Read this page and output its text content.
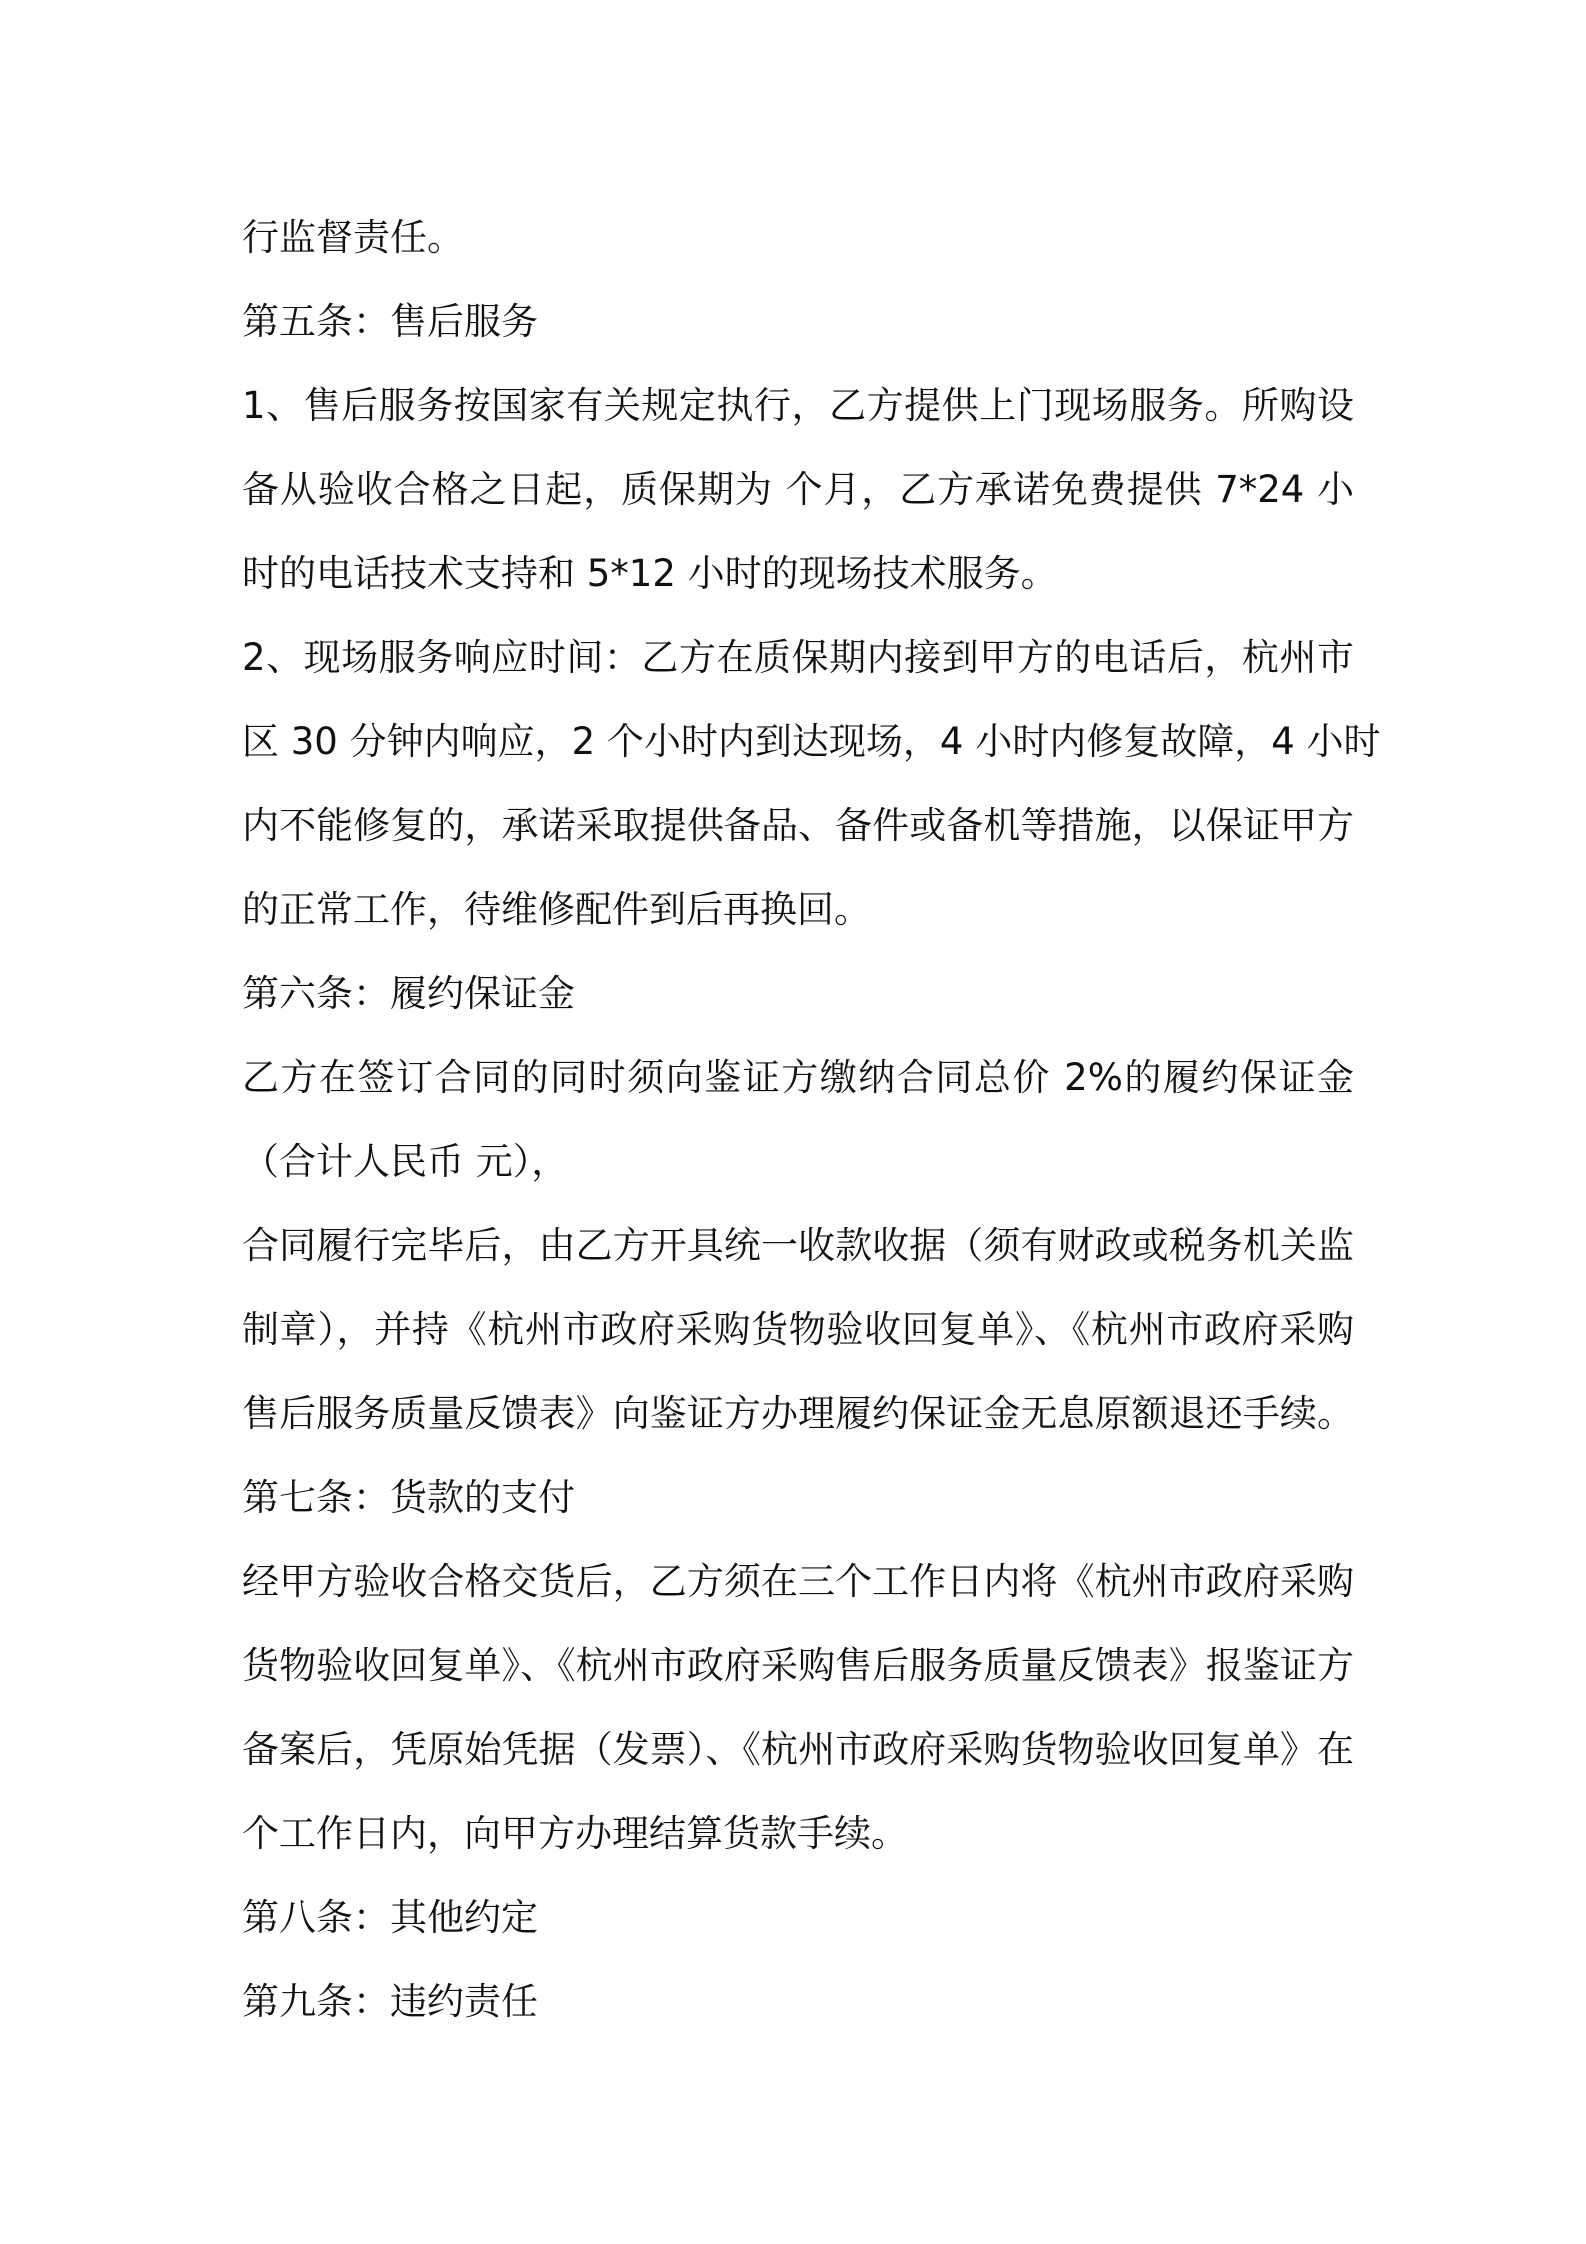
行监督责任。
第五条：售后服务
1、售后服务按国家有关规定执行，乙方提供上门现场服务。所购设
备从验收合格之日起，质保期为 个月，乙方承诺免费提供 7*24 小
时的电话技术支持和 5*12 小时的现场技术服务。
2、现场服务响应时间：乙方在质保期内接到甲方的电话后，杭州市
区 30 分钟内响应，2 个小时内到达现场，4 小时内修复故障，4 小时
内不能修复的，承诺采取提供备品、备件或备机等措施，以保证甲方
的正常工作，待维修配件到后再换回。
第六条：履约保证金
乙方在签订合同的同时须向鉴证方缴纳合同总价 2%的履约保证金
（合计人民币 元），
合同履行完毕后，由乙方开具统一收款收据（须有财政或税务机关监
制章），并持《杭州市政府采购货物验收回复单》、《杭州市政府采购
售后服务质量反馈表》向鉴证方办理履约保证金无息原额退还手续。
第七条：货款的支付
经甲方验收合格交货后，乙方须在三个工作日内将《杭州市政府采购
货物验收回复单》、《杭州市政府采购售后服务质量反馈表》报鉴证方
备案后，凭原始凭据（发票）、《杭州市政府采购货物验收回复单》在
个工作日内，向甲方办理结算货款手续。
第八条：其他约定
第九条：违约责任
